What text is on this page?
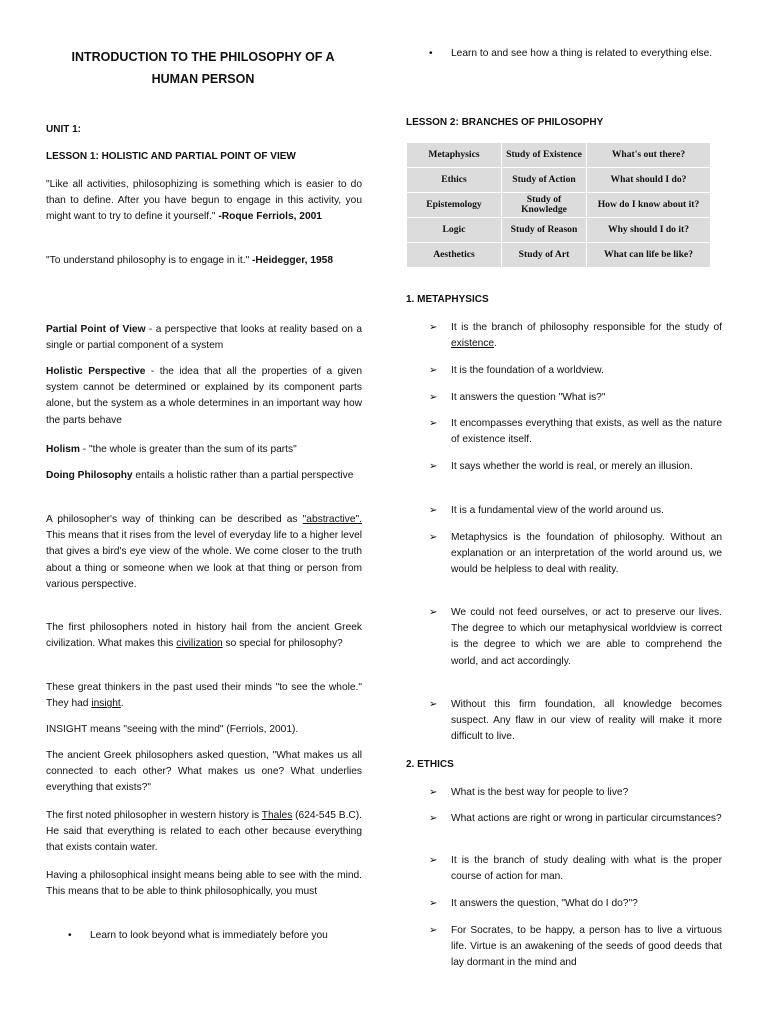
INTRODUCTION TO THE PHILOSOPHY OF A HUMAN PERSON
UNIT 1:
LESSON 1: HOLISTIC AND PARTIAL POINT OF VIEW
"Like all activities, philosophizing is something which is easier to do than to define. After you have begun to engage in this activity, you might want to try to define it yourself." -Roque Ferriols, 2001
"To understand philosophy is to engage in it." -Heidegger, 1958
Partial Point of View - a perspective that looks at reality based on a single or partial component of a system
Holistic Perspective - the idea that all the properties of a given system cannot be determined or explained by its component parts alone, but the system as a whole determines in an important way how the parts behave
Holism - "the whole is greater than the sum of its parts"
Doing Philosophy entails a holistic rather than a partial perspective
A philosopher's way of thinking can be described as "abstractive". This means that it rises from the level of everyday life to a higher level that gives a bird's eye view of the whole. We come closer to the truth about a thing or someone when we look at that thing or person from various perspective.
The first philosophers noted in history hail from the ancient Greek civilization. What makes this civilization so special for philosophy?
These great thinkers in the past used their minds "to see the whole." They had insight.
INSIGHT means "seeing with the mind" (Ferriols, 2001).
The ancient Greek philosophers asked question, "What makes us all connected to each other? What makes us one? What underlies everything that exists?"
The first noted philosopher in western history is Thales (624-545 B.C). He said that everything is related to each other because everything that exists contain water.
Having a philosophical insight means being able to see with the mind. This means that to be able to think philosophically, you must
• Learn to look beyond what is immediately before you
• Learn to and see how a thing is related to everything else.
LESSON 2: BRANCHES OF PHILOSOPHY
Metaphysics	Study of Existence	What's out there?
Ethics	Study of Action	What should I do?
Epistemology	Study of Knowledge	How do I know about it?
Logic	Study of Reason	Why should I do it?
Aesthetics	Study of Art	What can life be like?
1. METAPHYSICS
➢ It is the branch of philosophy responsible for the study of existence.
➢ It is the foundation of a worldview.
➢ It answers the question "What is?"
➢ It encompasses everything that exists, as well as the nature of existence itself.
➢ It says whether the world is real, or merely an illusion.
➢ It is a fundamental view of the world around us.
➢ Metaphysics is the foundation of philosophy. Without an explanation or an interpretation of the world around us, we would be helpless to deal with reality.
➢ We could not feed ourselves, or act to preserve our lives. The degree to which our metaphysical worldview is correct is the degree to which we are able to comprehend the world, and act accordingly.
➢ Without this firm foundation, all knowledge becomes suspect. Any flaw in our view of reality will make it more difficult to live.
2. ETHICS
➢ What is the best way for people to live?
➢ What actions are right or wrong in particular circumstances?
➢ It is the branch of study dealing with what is the proper course of action for man.
➢ It answers the question, "What do I do?"?
➢ For Socrates, to be happy, a person has to live a virtuous life. Virtue is an awakening of the seeds of good deeds that lay dormant in the mind and
